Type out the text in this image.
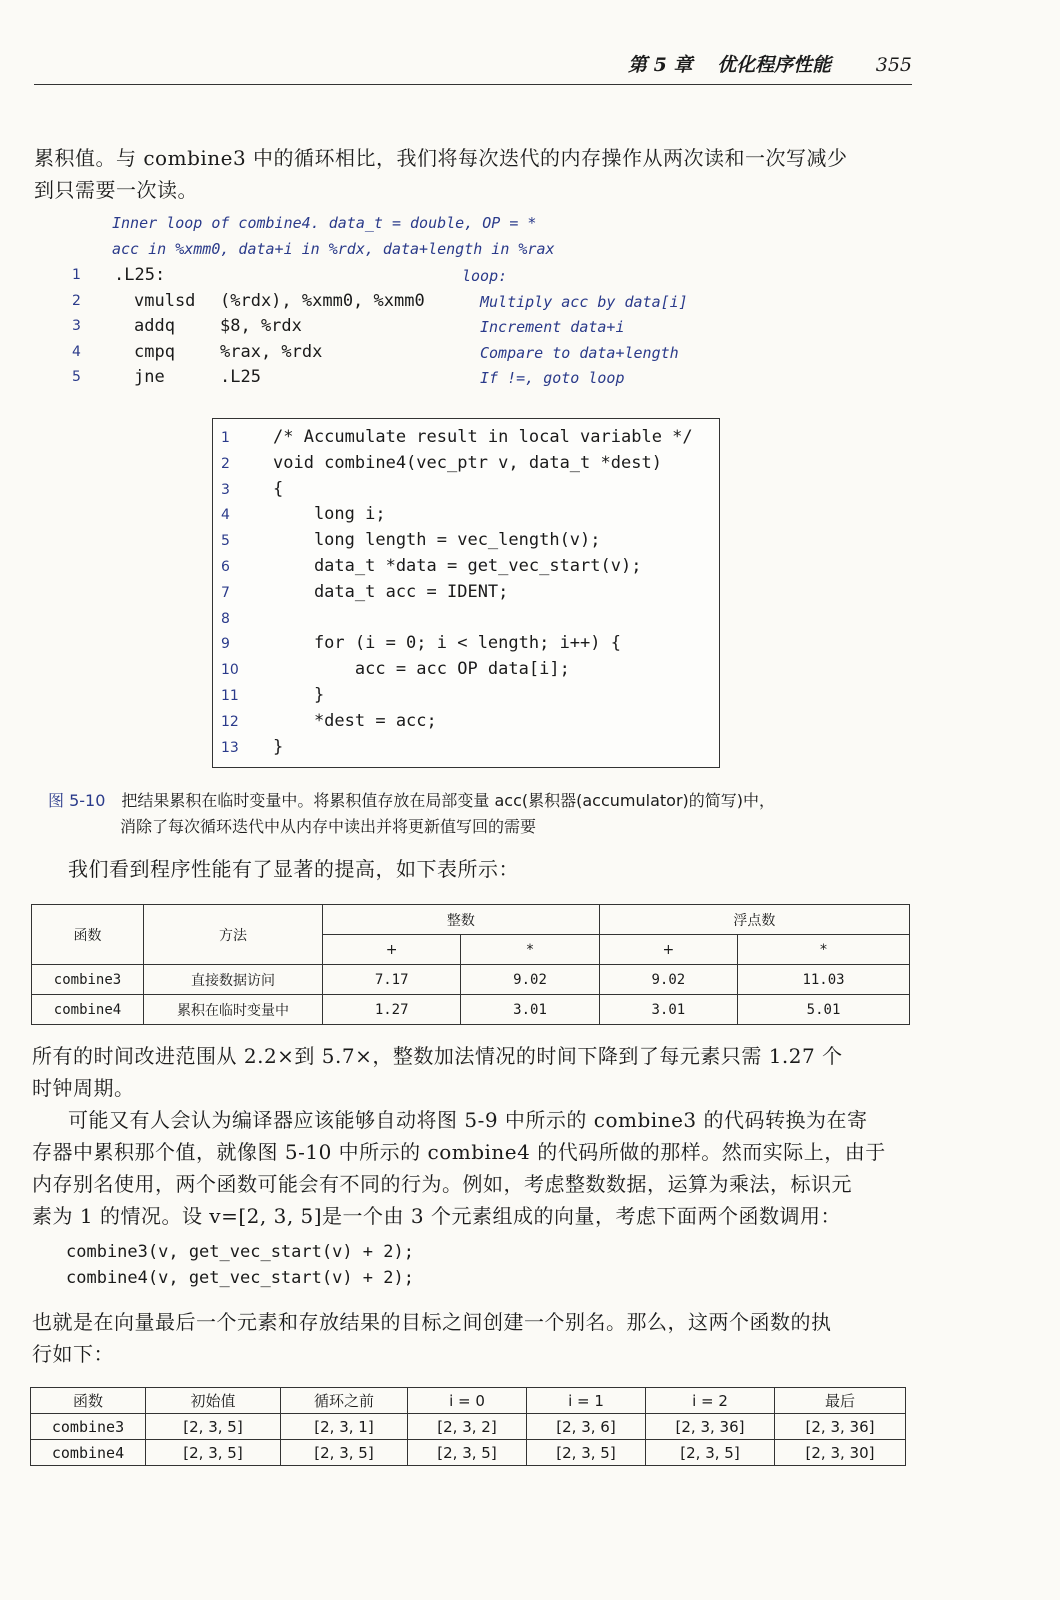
第 5 章 优化程序性能 355

累积值。与 combine3 中的循环相比，我们将每次迭代的内存操作从两次读和一次写减少
到只需要一次读。

Inner loop of combine4. data_t = double, OP = *
acc in %xmm0, data+i in %rdx, data+length in %rax
1 .L25:	loop:
2	vmulsd (%rdx), %xmm0, %xmm0	Multiply acc by data[i]
3	addq	$8, %rdx	Increment data+i
4	cmpq	%rax, %rdx	Compare to data+length
5	jne	.L25	If !=, goto loop
1	/* Accumulate result in local variable */
2	void combine4(vec_ptr v, data_t *dest)
3	{
4	long i;
5	long length = vec_length(v);
6	data_t *data = get_vec_start(v);
7	data_t acc = IDENT;
8
9	for (i = 0; i < length; i++) {
10	acc = acc OP data[i];
11	}
12	*dest = acc;
13	}
图 5-10 把结果累积在临时变量中。将累积值存放在局部变量 acc(累积器(accumulator)的简写)中，
消除了每次循环迭代中从内存中读出并将更新值写回的需要

我们看到程序性能有了显著的提高，如下表所示：

函数	方法	整数		浮点数	
		+	*	+	*
combine3	直接数据访问	7.17	9.02	9.02	11.03
combine4	累积在临时变量中	1.27	3.01	3.01	5.01

所有的时间改进范围从 2.2×到 5.7×，整数加法情况的时间下降到了每元素只需 1.27 个
时钟周期。

可能又有人会认为编译器应该能够自动将图 5-9 中所示的 combine3 的代码转换为在寄
存器中累积那个值，就像图 5-10 中所示的 combine4 的代码所做的那样。然而实际上，由于
内存别名使用，两个函数可能会有不同的行为。例如，考虑整数数据，运算为乘法，标识元
素为 1 的情况。设 v=[2, 3, 5]是一个由 3 个元素组成的向量，考虑下面两个函数调用：

combine3(v, get_vec_start(v) + 2);
combine4(v, get_vec_start(v) + 2);

也就是在向量最后一个元素和存放结果的目标之间创建一个别名。那么，这两个函数的执
行如下：

函数	初始值	循环之前	i = 0	i = 1	i = 2	最后
combine3	[2, 3, 5]	[2, 3, 1]	[2, 3, 2]	[2, 3, 6]	[2, 3, 36]	[2, 3, 36]
combine4	[2, 3, 5]	[2, 3, 5]	[2, 3, 5]	[2, 3, 5]	[2, 3, 5]	[2, 3, 30]
